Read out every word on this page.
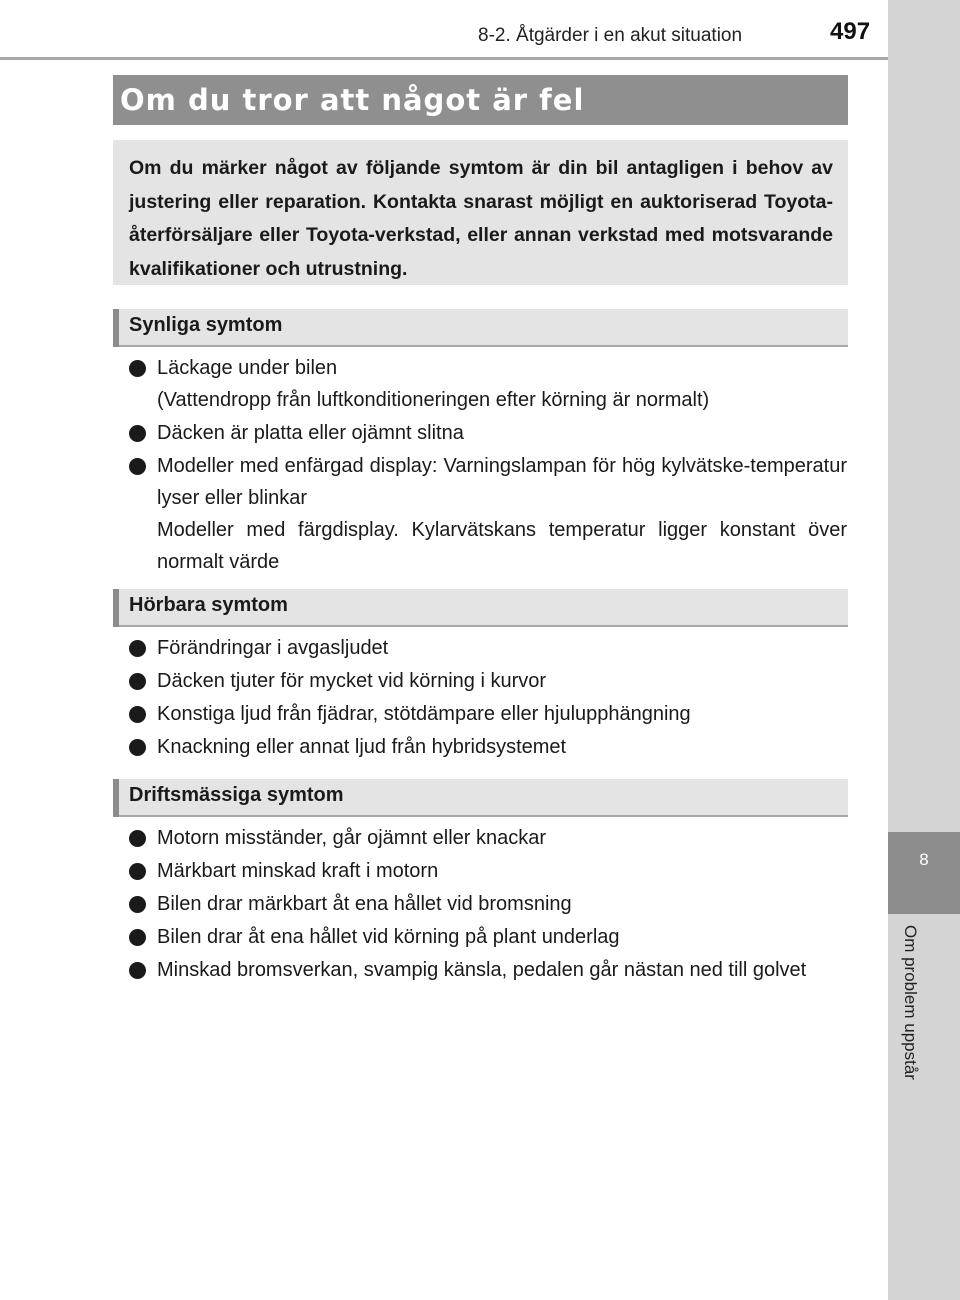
8-2. Åtgärder i en akut situation	497
8
Om problem uppstår
Om du tror att något är fel
Om du märker något av följande symtom är din bil antagligen i behov av justering eller reparation. Kontakta snarast möjligt en auktoriserad Toyota-återförsäljare eller Toyota-verkstad, eller annan verkstad med motsvarande kvalifikationer och utrustning.
Synliga symtom
Läckage under bilen
(Vattendropp från luftkonditioneringen efter körning är normalt)
Däcken är platta eller ojämnt slitna
Modeller med enfärgad display: Varningslampan för hög kylvätske-temperatur lyser eller blinkar
Modeller med färgdisplay. Kylarvätskans temperatur ligger konstant över normalt värde
Hörbara symtom
Förändringar i avgasljudet
Däcken tjuter för mycket vid körning i kurvor
Konstiga ljud från fjädrar, stötdämpare eller hjulupphängning
Knackning eller annat ljud från hybridsystemet
Driftsmässiga symtom
Motorn misständer, går ojämnt eller knackar
Märkbart minskad kraft i motorn
Bilen drar märkbart åt ena hållet vid bromsning
Bilen drar åt ena hållet vid körning på plant underlag
Minskad bromsverkan, svampig känsla, pedalen går nästan ned till golvet
